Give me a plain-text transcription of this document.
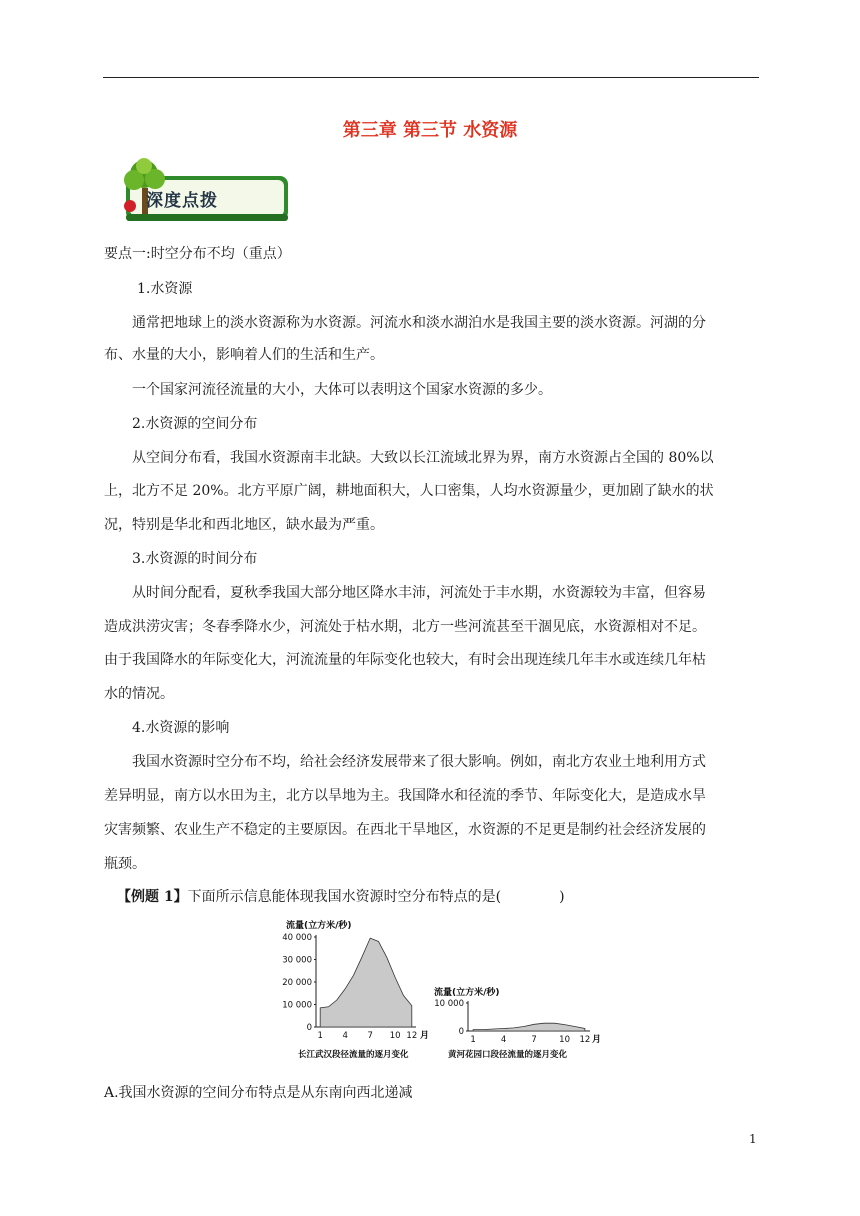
第三章 第三节 水资源
深度点拨
要点一:时空分布不均（重点）
1.水资源
通常把地球上的淡水资源称为水资源。河流水和淡水湖泊水是我国主要的淡水资源。河湖的分
布、水量的大小，影响着人们的生活和生产。
一个国家河流径流量的大小，大体可以表明这个国家水资源的多少。
2.水资源的空间分布
从空间分布看，我国水资源南丰北缺。大致以长江流域北界为界，南方水资源占全国的 80%以
上，北方不足 20%。北方平原广阔，耕地面积大，人口密集，人均水资源量少，更加剧了缺水的状
况，特别是华北和西北地区，缺水最为严重。
3.水资源的时间分布
从时间分配看，夏秋季我国大部分地区降水丰沛，河流处于丰水期，水资源较为丰富，但容易
造成洪涝灾害；冬春季降水少，河流处于枯水期，北方一些河流甚至干涸见底，水资源相对不足。
由于我国降水的年际变化大，河流流量的年际变化也较大，有时会出现连续几年丰水或连续几年枯
水的情况。
4.水资源的影响
我国水资源时空分布不均，给社会经济发展带来了很大影响。例如，南北方农业土地利用方式
差异明显，南方以水田为主，北方以旱地为主。我国降水和径流的季节、年际变化大，是造成水旱
灾害频繁、农业生产不稳定的主要原因。在西北干旱地区，水资源的不足更是制约社会经济发展的
瓶颈。
【例题 1】下面所示信息能体现我国水资源时空分布特点的是(	)
流量(立方米/秒)
0
10 000
20 000
30 000
40 000
1 4 7 10 12 月
长江武汉段径流量的逐月变化
流量(立方米/秒)
0
10 000
1	4	7	10 12 月
黄河花园口段径流量的逐月变化
A.我国水资源的空间分布特点是从东南向西北递减
1
